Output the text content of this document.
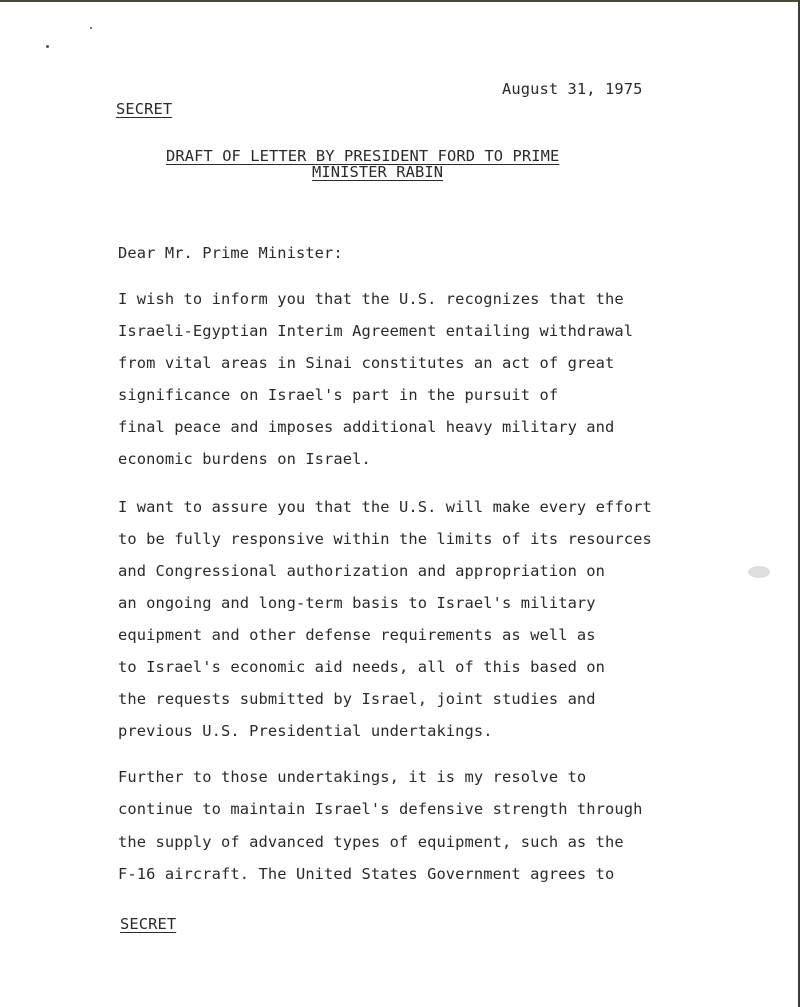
SECRET
August 31, 1975
DRAFT OF LETTER BY PRESIDENT FORD TO PRIME
MINISTER RABIN
Dear Mr. Prime Minister:
I wish to inform you that the U.S. recognizes that the
Israeli-Egyptian Interim Agreement entailing withdrawal
from vital areas in Sinai constitutes an act of great
significance on Israel's part in the pursuit of
final peace and imposes additional heavy military and
economic burdens on Israel.
I want to assure you that the U.S. will make every effort
to be fully responsive within the limits of its resources
and Congressional authorization and appropriation on
an ongoing and long-term basis to Israel's military
equipment and other defense requirements as well as
to Israel's economic aid needs, all of this based on
the requests submitted by Israel, joint studies and
previous U.S. Presidential undertakings.
Further to those undertakings, it is my resolve to
continue to maintain Israel's defensive strength through
the supply of advanced types of equipment, such as the
F-16 aircraft. The United States Government agrees to
SECRET
